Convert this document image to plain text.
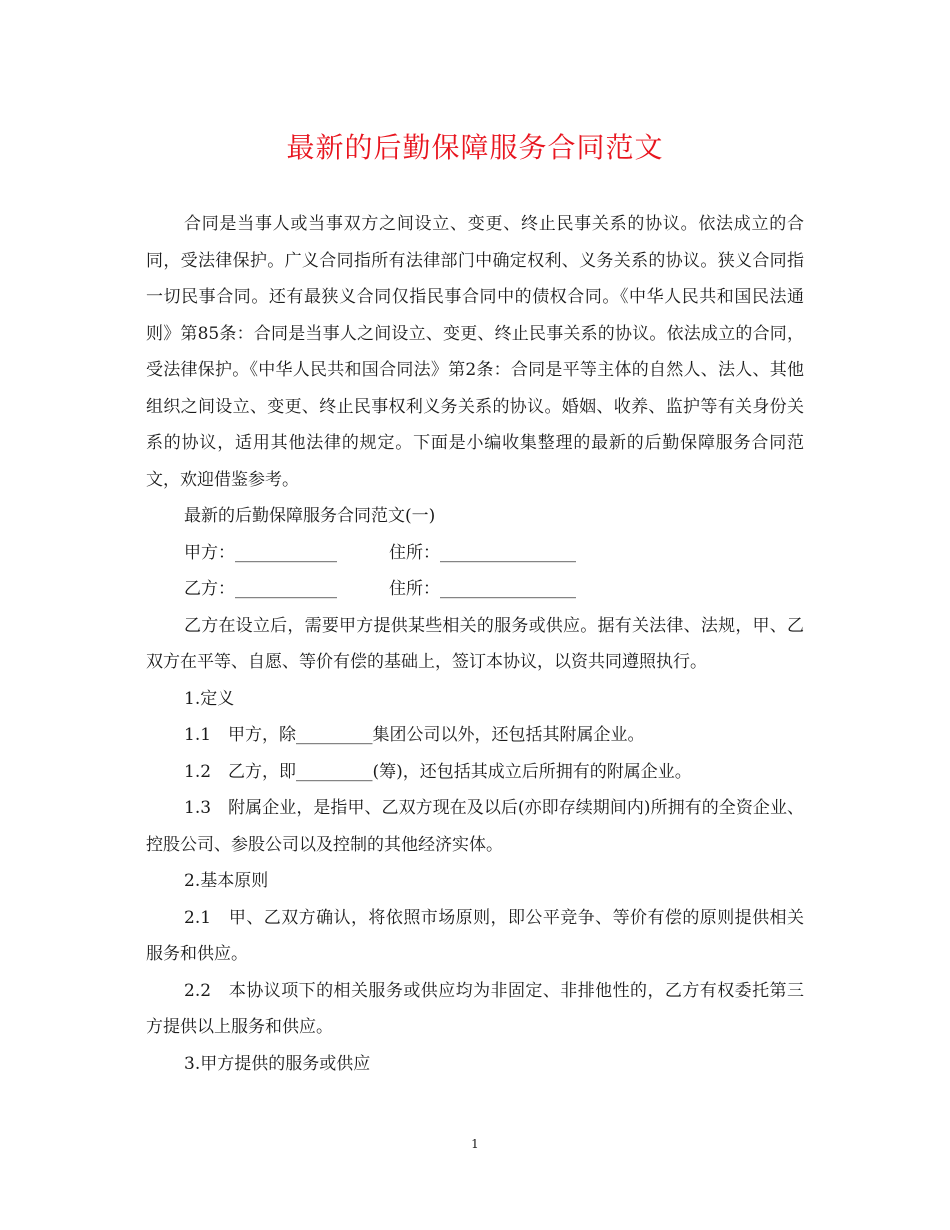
最新的后勤保障服务合同范文

合同是当事人或当事双方之间设立、变更、终止民事关系的协议。依法成立的合同，受法律保护。广义合同指所有法律部门中确定权利、义务关系的协议。狭义合同指一切民事合同。还有最狭义合同仅指民事合同中的债权合同。《中华人民共和国民法通则》第85条：合同是当事人之间设立、变更、终止民事关系的协议。依法成立的合同，受法律保护。《中华人民共和国合同法》第2条：合同是平等主体的自然人、法人、其他组织之间设立、变更、终止民事权利义务关系的协议。婚姻、收养、监护等有关身份关系的协议，适用其他法律的规定。下面是小编收集整理的最新的后勤保障服务合同范文，欢迎借鉴参考。

最新的后勤保障服务合同范文(一)

甲方：____________	住所：________________

乙方：____________	住所：________________

乙方在设立后，需要甲方提供某些相关的服务或供应。据有关法律、法规，甲、乙双方在平等、自愿、等价有偿的基础上，签订本协议，以资共同遵照执行。

1.定义

1.1　甲方，除_________集团公司以外，还包括其附属企业。

1.2　乙方，即_________(筹)，还包括其成立后所拥有的附属企业。

1.3　附属企业，是指甲、乙双方现在及以后(亦即存续期间内)所拥有的全资企业、控股公司、参股公司以及控制的其他经济实体。

2.基本原则

2.1　甲、乙双方确认，将依照市场原则，即公平竞争、等价有偿的原则提供相关服务和供应。

2.2　本协议项下的相关服务或供应均为非固定、非排他性的，乙方有权委托第三方提供以上服务和供应。

3.甲方提供的服务或供应

1
